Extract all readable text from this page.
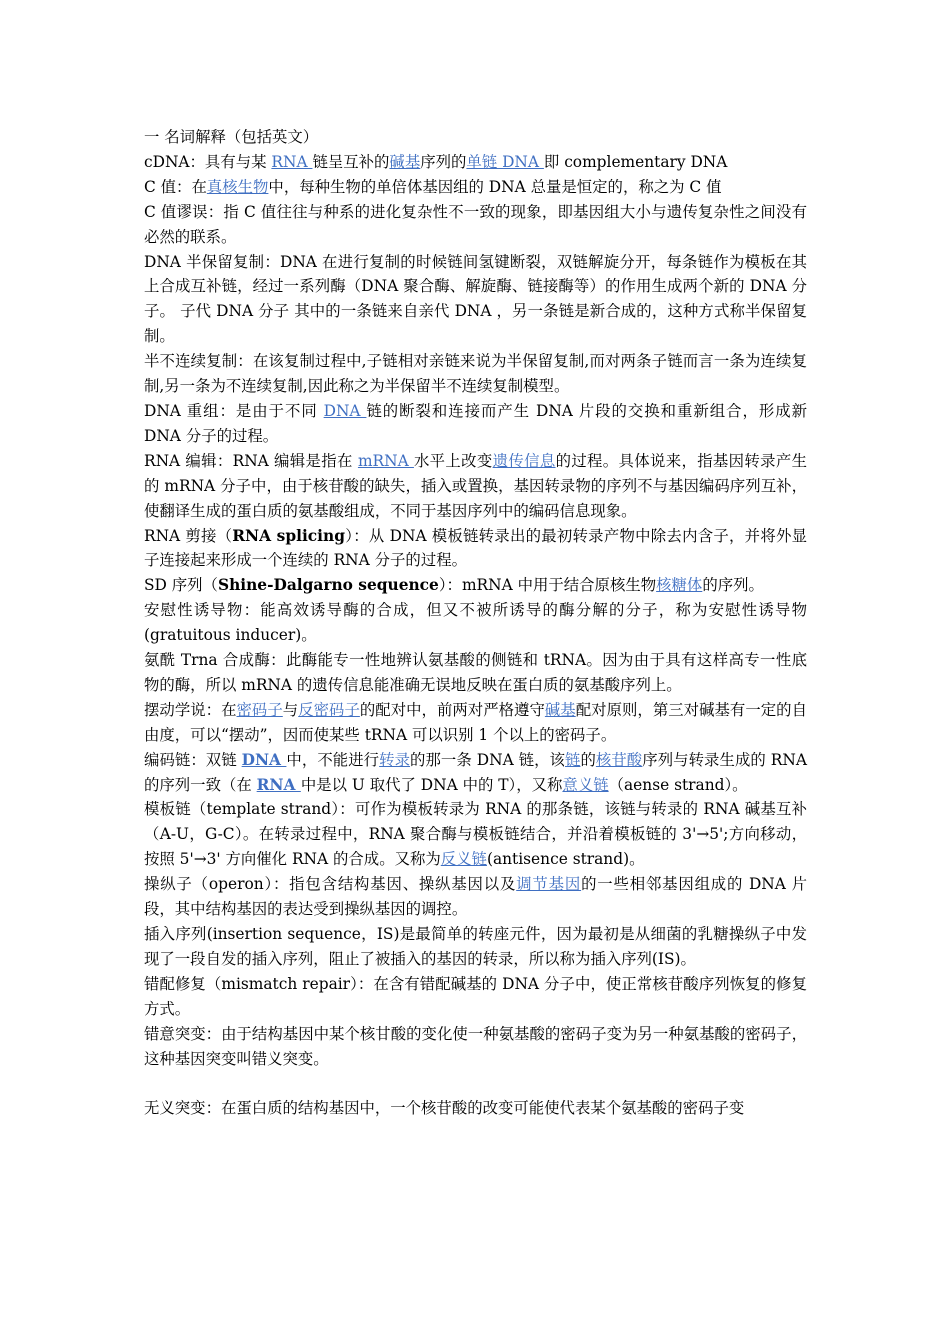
一 名词解释（包括英文）

cDNA：具有与某 RNA 链呈互补的碱基序列的单链 DNA 即 complementary DNA

C 值：在真核生物中，每种生物的单倍体基因组的 DNA 总量是恒定的，称之为 C 值

C 值谬误：指 C 值往往与种系的进化复杂性不一致的现象，即基因组大小与遗传复杂性之间没有必然的联系。

DNA 半保留复制：DNA 在进行复制的时候链间氢键断裂，双链解旋分开，每条链作为模板在其上合成互补链，经过一系列酶（DNA 聚合酶、解旋酶、链接酶等）的作用生成两个新的 DNA 分子。 子代 DNA 分子 其中的一条链来自亲代 DNA ，另一条链是新合成的，这种方式称半保留复制。

半不连续复制：在该复制过程中,子链相对亲链来说为半保留复制,而对两条子链而言一条为连续复制,另一条为不连续复制,因此称之为半保留半不连续复制模型。

DNA 重组：是由于不同 DNA 链的断裂和连接而产生 DNA 片段的交换和重新组合，形成新 DNA 分子的过程。

RNA 编辑：RNA 编辑是指在 mRNA 水平上改变遗传信息的过程。具体说来，指基因转录产生的 mRNA 分子中，由于核苷酸的缺失，插入或置换，基因转录物的序列不与基因编码序列互补，使翻译生成的蛋白质的氨基酸组成，不同于基因序列中的编码信息现象。

RNA 剪接（RNA splicing）：从 DNA 模板链转录出的最初转录产物中除去内含子，并将外显子连接起来形成一个连续的 RNA 分子的过程。

SD 序列（Shine-Dalgarno sequence）：mRNA 中用于结合原核生物核糖体的序列。

安慰性诱导物：能高效诱导酶的合成，但又不被所诱导的酶分解的分子，称为安慰性诱导物(gratuitous inducer)。

氨酰 Trna 合成酶：此酶能专一性地辨认氨基酸的侧链和 tRNA。因为由于具有这样高专一性底物的酶，所以 mRNA 的遗传信息能准确无误地反映在蛋白质的氨基酸序列上。

摆动学说：在密码子与反密码子的配对中，前两对严格遵守碱基配对原则，第三对碱基有一定的自由度，可以“摆动”，因而使某些 tRNA 可以识别 1 个以上的密码子。

编码链：双链 DNA 中，不能进行转录的那一条 DNA 链，该链的核苷酸序列与转录生成的 RNA 的序列一致（在 RNA 中是以 U 取代了 DNA 中的 T），又称意义链（aense strand）。

模板链（template strand）：可作为模板转录为 RNA 的那条链，该链与转录的 RNA 碱基互补（A-U，G-C）。在转录过程中，RNA 聚合酶与模板链结合，并沿着模板链的 3'→5';方向移动，按照 5'→3' 方向催化 RNA 的合成。又称为反义链(antisence strand)。

操纵子（operon）：指包含结构基因、操纵基因以及调节基因的一些相邻基因组成的 DNA 片段，其中结构基因的表达受到操纵基因的调控。

插入序列(insertion sequence，IS)是最简单的转座元件，因为最初是从细菌的乳糖操纵子中发现了一段自发的插入序列，阻止了被插入的基因的转录，所以称为插入序列(IS)。

错配修复（mismatch repair）：在含有错配碱基的 DNA 分子中，使正常核苷酸序列恢复的修复方式。

错意突变：由于结构基因中某个核甘酸的变化使一种氨基酸的密码子变为另一种氨基酸的密码子，这种基因突变叫错义突变。

无义突变：在蛋白质的结构基因中，一个核苷酸的改变可能使代表某个氨基酸的密码子变
